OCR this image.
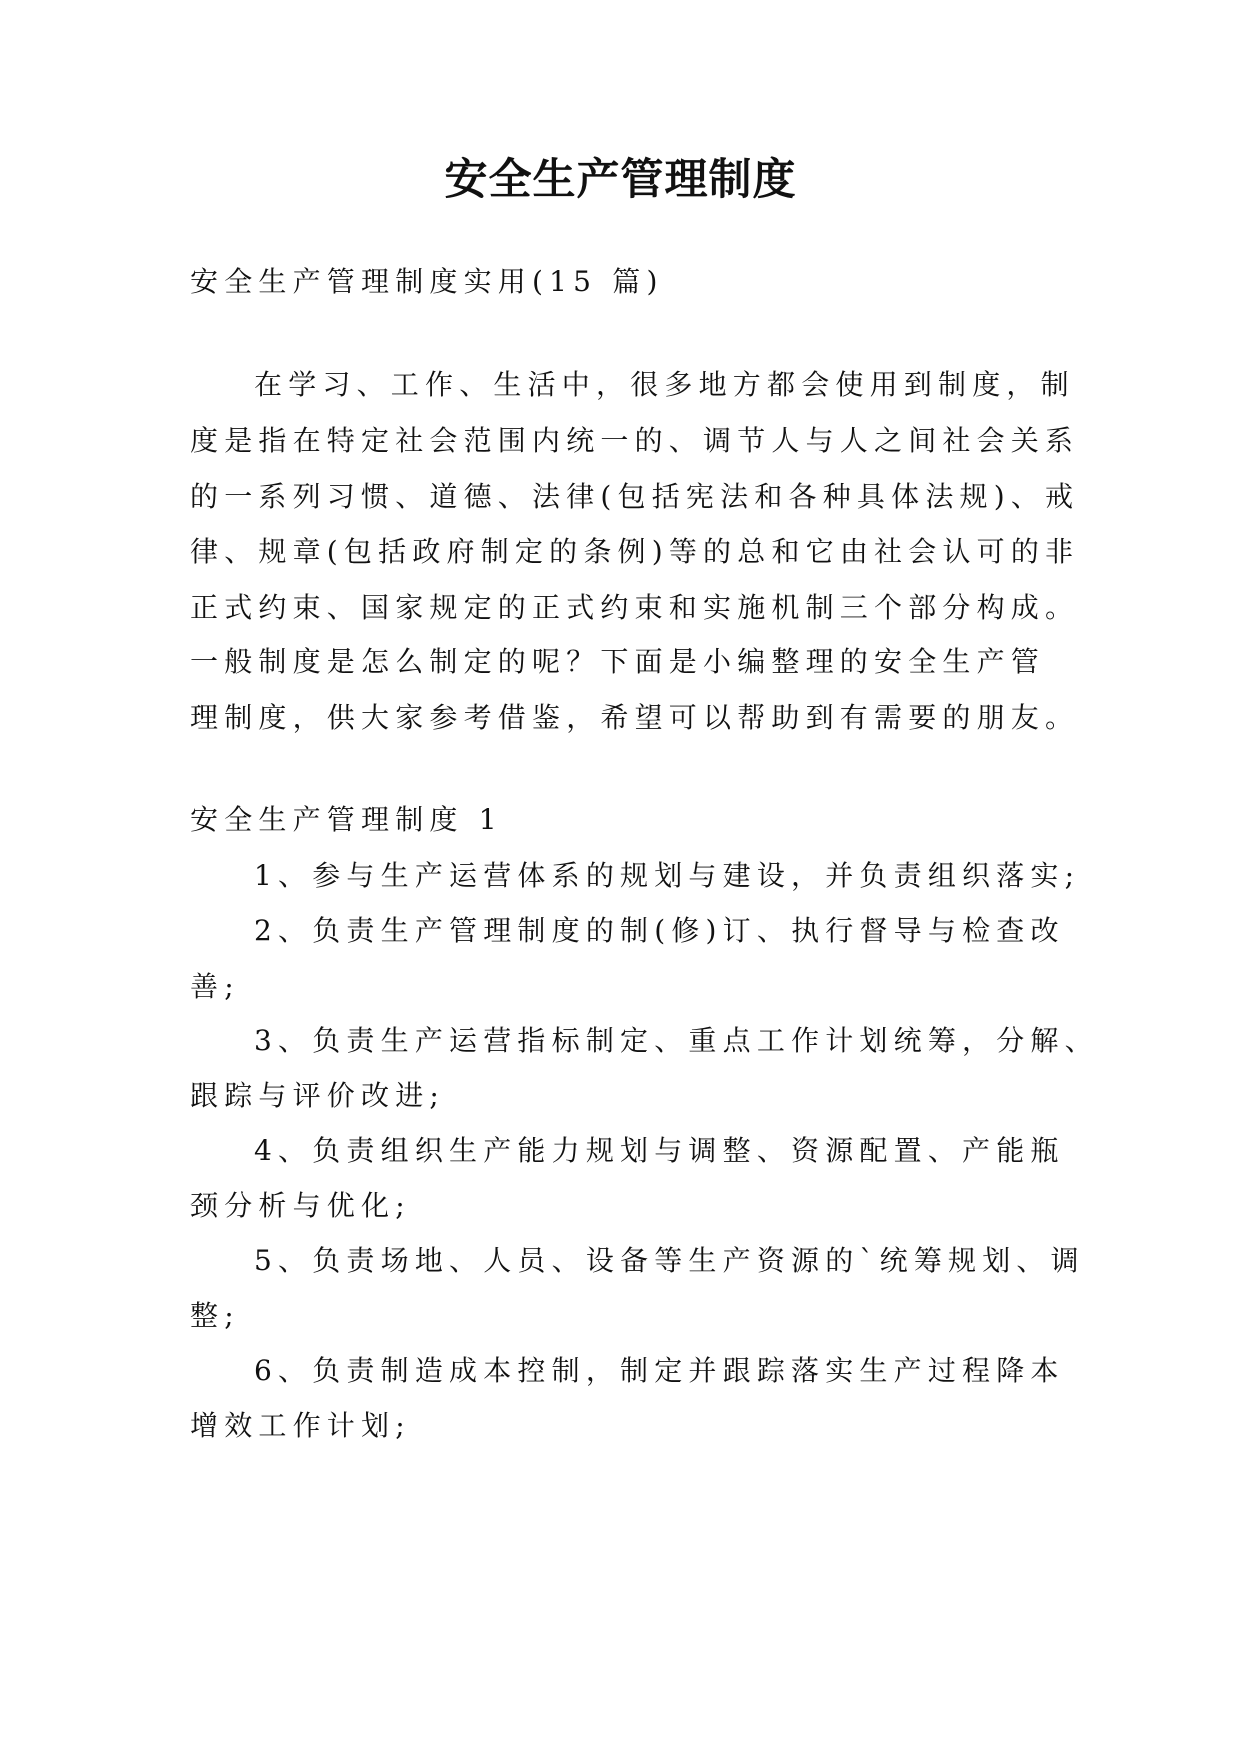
安全生产管理制度
安全生产管理制度实用(15 篇)
在学习、工作、生活中，很多地方都会使用到制度，制
度是指在特定社会范围内统一的、调节人与人之间社会关系
的一系列习惯、道德、法律(包括宪法和各种具体法规)、戒
律、规章(包括政府制定的条例)等的总和它由社会认可的非
正式约束、国家规定的正式约束和实施机制三个部分构成。
一般制度是怎么制定的呢？下面是小编整理的安全生产管
理制度，供大家参考借鉴，希望可以帮助到有需要的朋友。
安全生产管理制度 1
1、参与生产运营体系的规划与建设，并负责组织落实;
2、负责生产管理制度的制(修)订、执行督导与检查改
善;
3、负责生产运营指标制定、重点工作计划统筹，分解、
跟踪与评价改进;
4、负责组织生产能力规划与调整、资源配置、产能瓶
颈分析与优化;
5、负责场地、人员、设备等生产资源的`统筹规划、调
整;
6、负责制造成本控制，制定并跟踪落实生产过程降本
增效工作计划;
